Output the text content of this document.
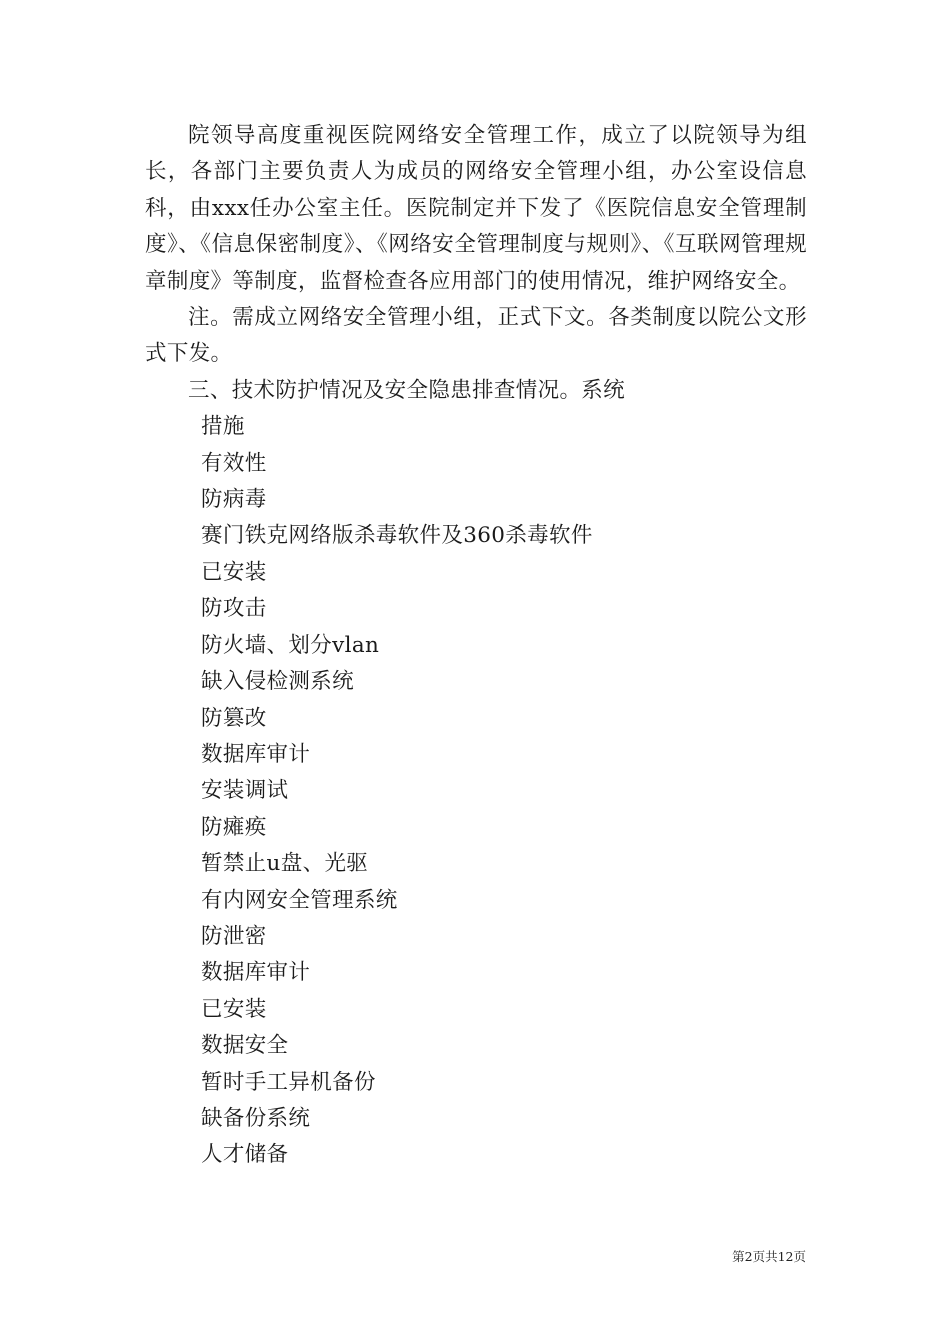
院领导高度重视医院网络安全管理工作，成立了以院领导为组长，各部门主要负责人为成员的网络安全管理小组，办公室设信息科，由xxx任办公室主任。医院制定并下发了《医院信息安全管理制度》、《信息保密制度》、《网络安全管理制度与规则》、《互联网管理规章制度》等制度，监督检查各应用部门的使用情况，维护网络安全。

注。需成立网络安全管理小组，正式下文。各类制度以院公文形式下发。

三、技术防护情况及安全隐患排查情况。系统

措施

有效性

防病毒

赛门铁克网络版杀毒软件及360杀毒软件

已安装

防攻击

防火墙、划分vlan

缺入侵检测系统

防篡改

数据库审计

安装调试

防瘫痪

暂禁止u盘、光驱

有内网安全管理系统

防泄密

数据库审计

已安装

数据安全

暂时手工异机备份

缺备份系统

人才储备

第2页共12页
